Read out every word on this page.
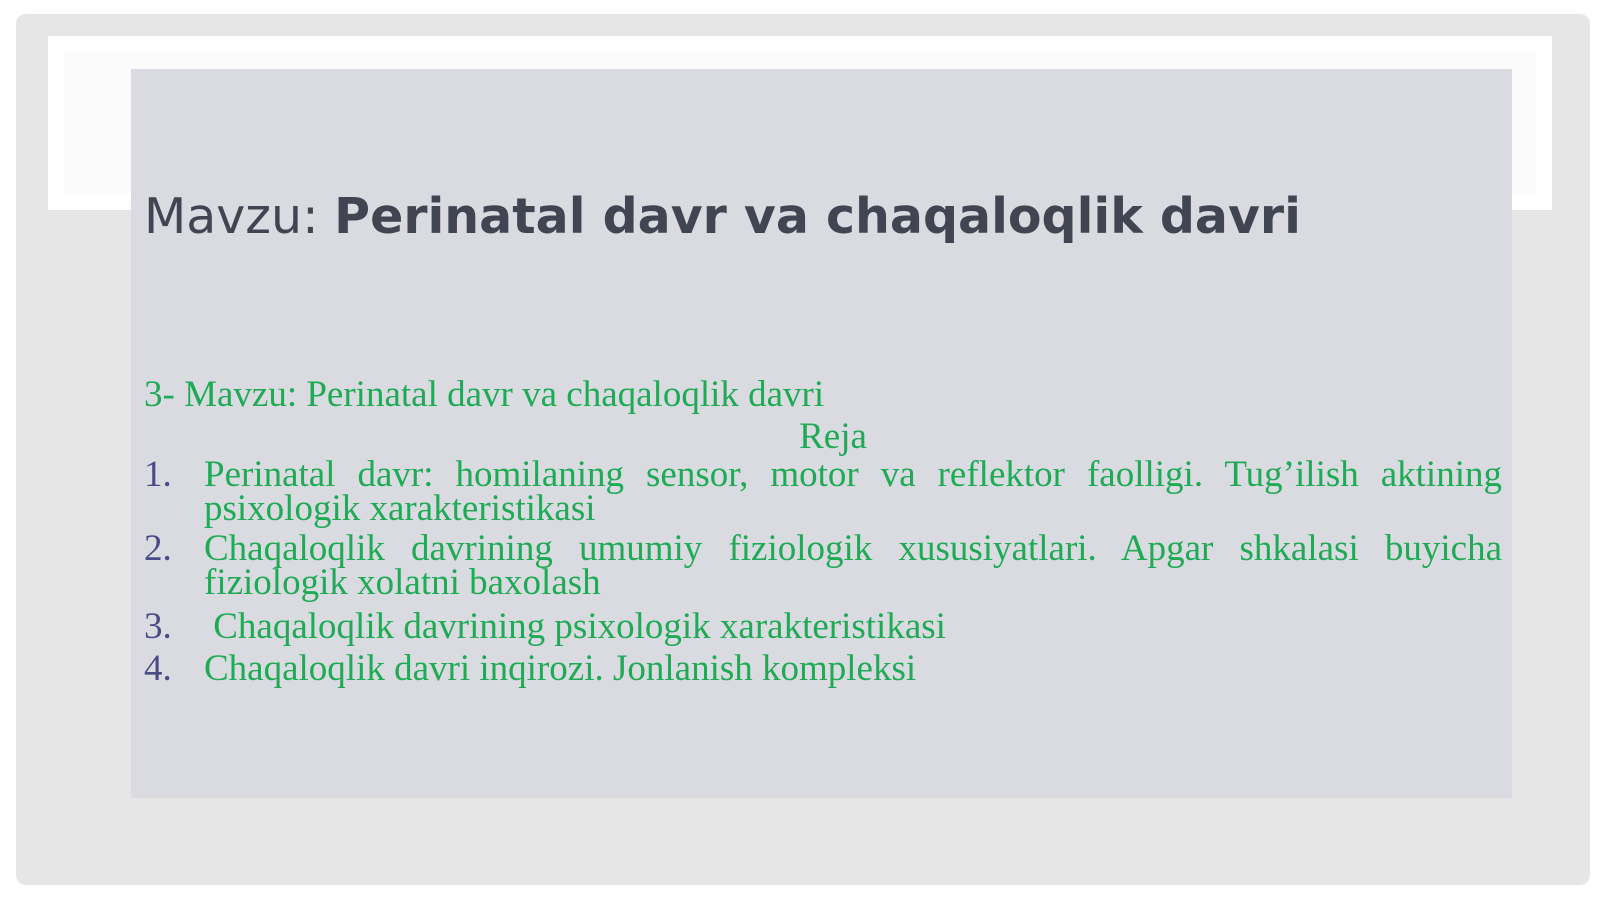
Mavzu: Perinatal davr va chaqaloqlik davri
3- Mavzu: Perinatal davr va chaqaloqlik davri
Reja
1. Perinatal davr: homilaning sensor, motor va reflektor faolligi. Tug’ilish aktining psixologik xarakteristikasi
2. Chaqaloqlik davrining umumiy fiziologik xususiyatlari. Apgar shkalasi buyicha fiziologik xolatni baxolash
3. Chaqaloqlik davrining psixologik xarakteristikasi
4. Chaqaloqlik davri inqirozi. Jonlanish kompleksi
